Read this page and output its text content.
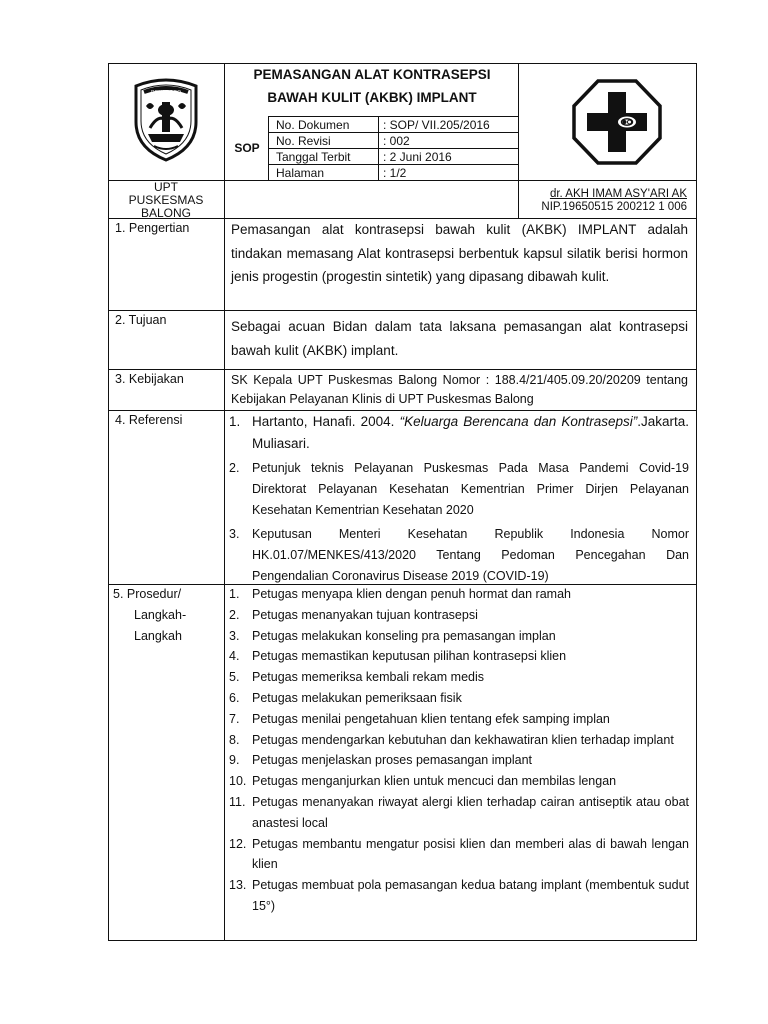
PONOROGO
PEMASANGAN ALAT KONTRASEPSI
BAWAH KULIT (AKBK) IMPLANT
SOP
No. Dokumen	: SOP/ VII.205/2016
No. Revisi	: 002
Tanggal Terbit	: 2 Juni 2016
Halaman	: 1/2
UPT
PUSKESMAS
BALONG
dr. AKH IMAM ASY'ARI AK
NIP.19650515 200212 1 006
1. Pengertian	Pemasangan alat kontrasepsi bawah kulit (AKBK) IMPLANT adalah tindakan memasang Alat kontrasepsi berbentuk kapsul silatik berisi hormon jenis progestin (progestin sintetik) yang dipasang dibawah kulit.
2. Tujuan	Sebagai acuan Bidan dalam tata laksana pemasangan alat kontrasepsi bawah kulit (AKBK) implant.
3. Kebijakan	SK Kepala UPT Puskesmas Balong Nomor : 188.4/21/405.09.20/20209 tentang Kebijakan Pelayanan Klinis di UPT Puskesmas Balong
4. Referensi	1. Hartanto, Hanafi. 2004. “Keluarga Berencana dan Kontrasepsi”.Jakarta. Muliasari.
2. Petunjuk teknis Pelayanan Puskesmas Pada Masa Pandemi Covid-19 Direktorat Pelayanan Kesehatan Kementrian Primer Dirjen Pelayanan Kesehatan Kementrian Kesehatan 2020
3. Keputusan Menteri Kesehatan Republik Indonesia Nomor HK.01.07/MENKES/413/2020 Tentang Pedoman Pencegahan Dan Pengendalian Coronavirus Disease 2019 (COVID-19)
5. Prosedur/
Langkah-
Langkah
1. Petugas menyapa klien dengan penuh hormat dan ramah
2. Petugas menanyakan tujuan kontrasepsi
3. Petugas melakukan konseling pra pemasangan implan
4. Petugas memastikan keputusan pilihan kontrasepsi klien
5. Petugas memeriksa kembali rekam medis
6. Petugas melakukan pemeriksaan fisik
7. Petugas menilai pengetahuan klien tentang efek samping implan
8. Petugas mendengarkan kebutuhan dan kekhawatiran klien terhadap implant
9. Petugas menjelaskan proses pemasangan implant
10. Petugas menganjurkan klien untuk mencuci dan membilas lengan
11. Petugas menanyakan riwayat alergi klien terhadap cairan antiseptik atau obat anastesi local
12. Petugas membantu mengatur posisi klien dan memberi alas di bawah lengan klien
13. Petugas membuat pola pemasangan kedua batang implant (membentuk sudut 15°)
